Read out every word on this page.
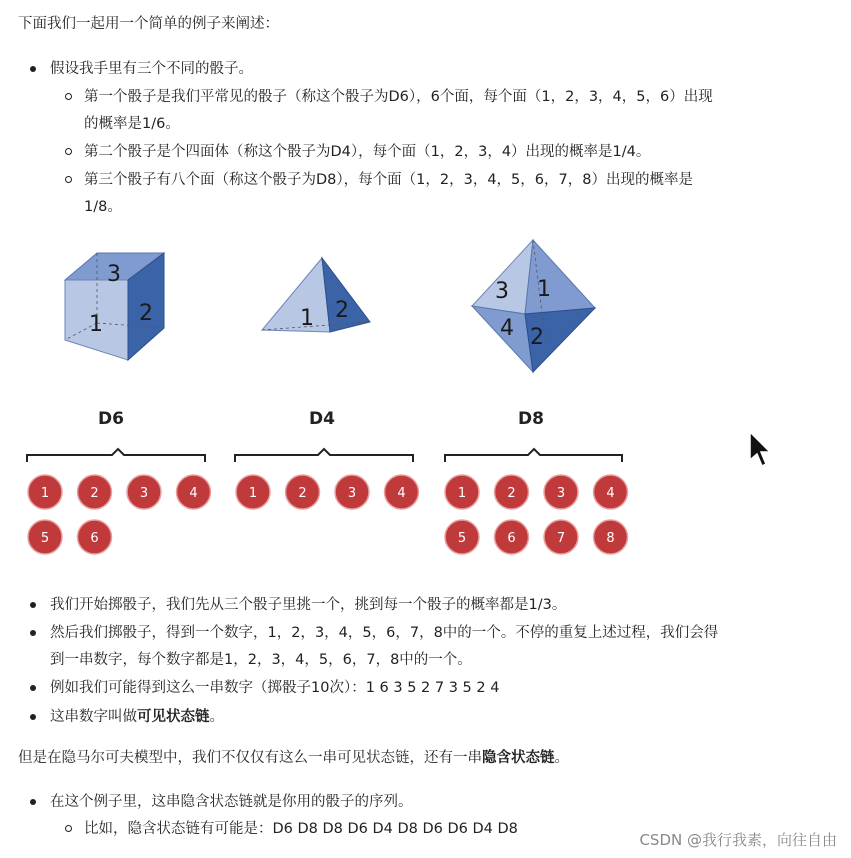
下面我们一起用一个简单的例子来阐述：
假设我手里有三个不同的骰子。
第一个骰子是我们平常见的骰子（称这个骰子为D6），6个面，每个面（1，2，3，4，5，6）出现
的概率是1/6。
第二个骰子是个四面体（称这个骰子为D4），每个面（1，2，3，4）出现的概率是1/4。
第三个骰子有八个面（称这个骰子为D8），每个面（1，2，3，4，5，6，7，8）出现的概率是
1/8。
3
1 2	1 2
3 1
4 2
D6	D4	D8
1	2	3	4
5	6
1	2	3	4	1	2	3	4
5	6	7	8
我们开始掷骰子，我们先从三个骰子里挑一个，挑到每一个骰子的概率都是1/3。
然后我们掷骰子，得到一个数字，1，2，3，4，5，6，7，8中的一个。不停的重复上述过程，我们会得
到一串数字，每个数字都是1，2，3，4，5，6，7，8中的一个。
例如我们可能得到这么一串数字（掷骰子10次）：1 6 3 5 2 7 3 5 2 4
这串数字叫做可见状态链。
但是在隐马尔可夫模型中，我们不仅仅有这么一串可见状态链，还有一串隐含状态链。
在这个例子里，这串隐含状态链就是你用的骰子的序列。
比如，隐含状态链有可能是：D6 D8 D8 D6 D4 D8 D6 D6 D4 D8
CSDN @我行我素，向往自由
